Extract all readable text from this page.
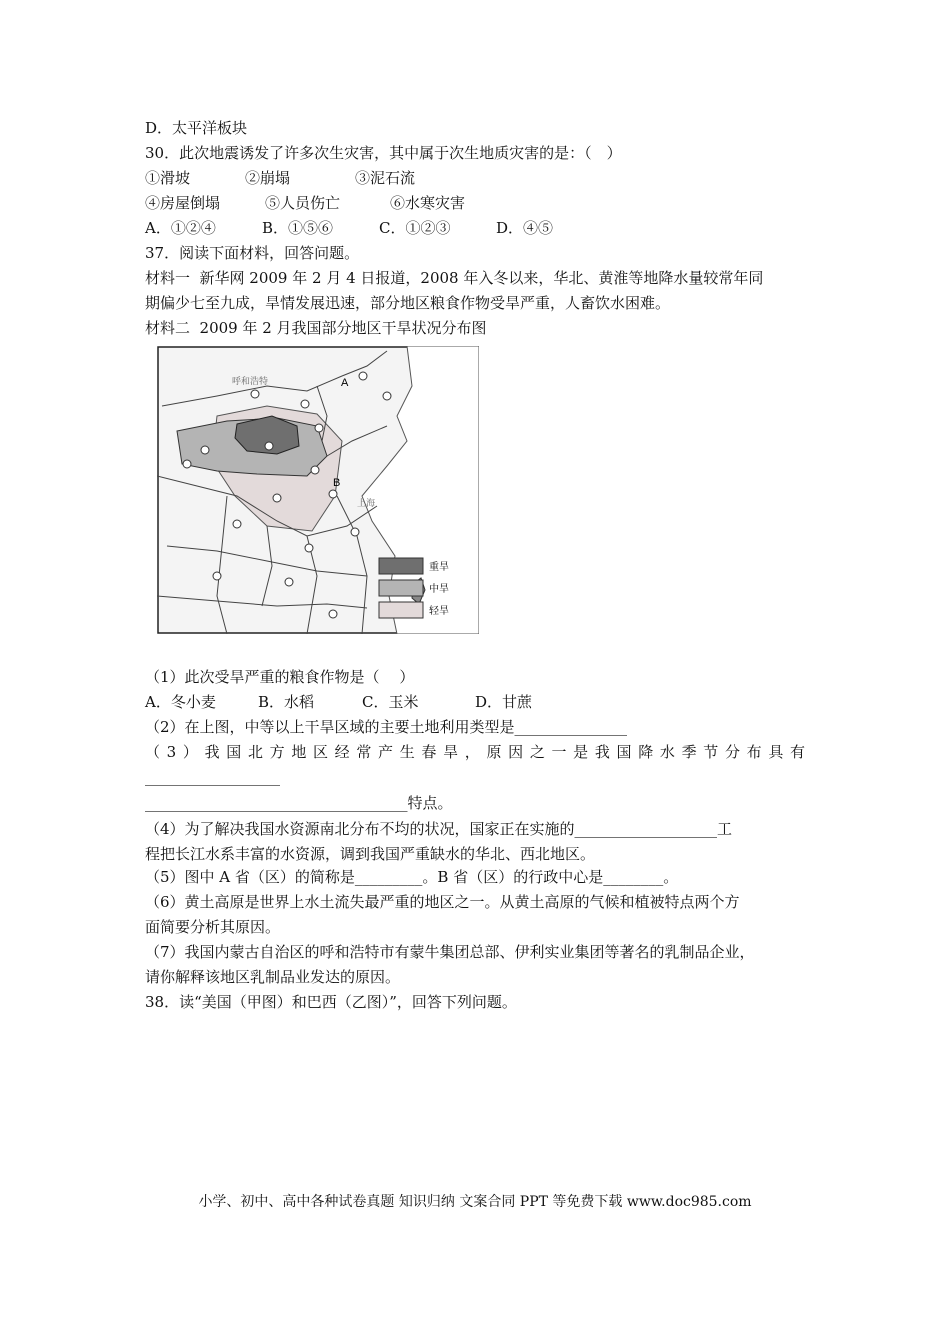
D．太平洋板块
30．此次地震诱发了许多次生灾害，其中属于次生地质灾害的是：（　）
①滑坡	②崩塌	③泥石流
④房屋倒塌	⑤人员伤亡	⑥水寒灾害
A．①②④	B．①⑤⑥	C．①②③	D．④⑤
37．阅读下面材料，回答问题。
材料一  新华网 2009 年 2 月 4 日报道，2008 年入冬以来，华北、黄淮等地降水量较常年同
期偏少七至九成，旱情发展迅速，部分地区粮食作物受旱严重，人畜饮水困难。
材料二  2009 年 2 月我国部分地区干旱状况分布图
A
B
呼和浩特
上海
重旱
中旱
轻旱
（1）此次受旱严重的粮食作物是（　 ）
A．冬小麦	B．水稻	C．玉米	D．甘蔗
（2）在上图，中等以上干旱区域的主要土地利用类型是_______________
（3）我国北方地区经常产生春旱，原因之一是我国降水季节分布具有
__________________
___________________________________特点。
（4）为了解决我国水资源南北分布不均的状况，国家正在实施的___________________工
程把长江水系丰富的水资源，调到我国严重缺水的华北、西北地区。
（5）图中 A 省（区）的简称是_________。B 省（区）的行政中心是________。
（6）黄土高原是世界上水土流失最严重的地区之一。从黄土高原的气候和植被特点两个方
面简要分析其原因。
（7）我国内蒙古自治区的呼和浩特市有蒙牛集团总部、伊利实业集团等著名的乳制品企业，
请你解释该地区乳制品业发达的原因。
38．读“美国（甲图）和巴西（乙图）”，回答下列问题。
小学、初中、高中各种试卷真题 知识归纳 文案合同 PPT 等免费下载 www.doc985.com
